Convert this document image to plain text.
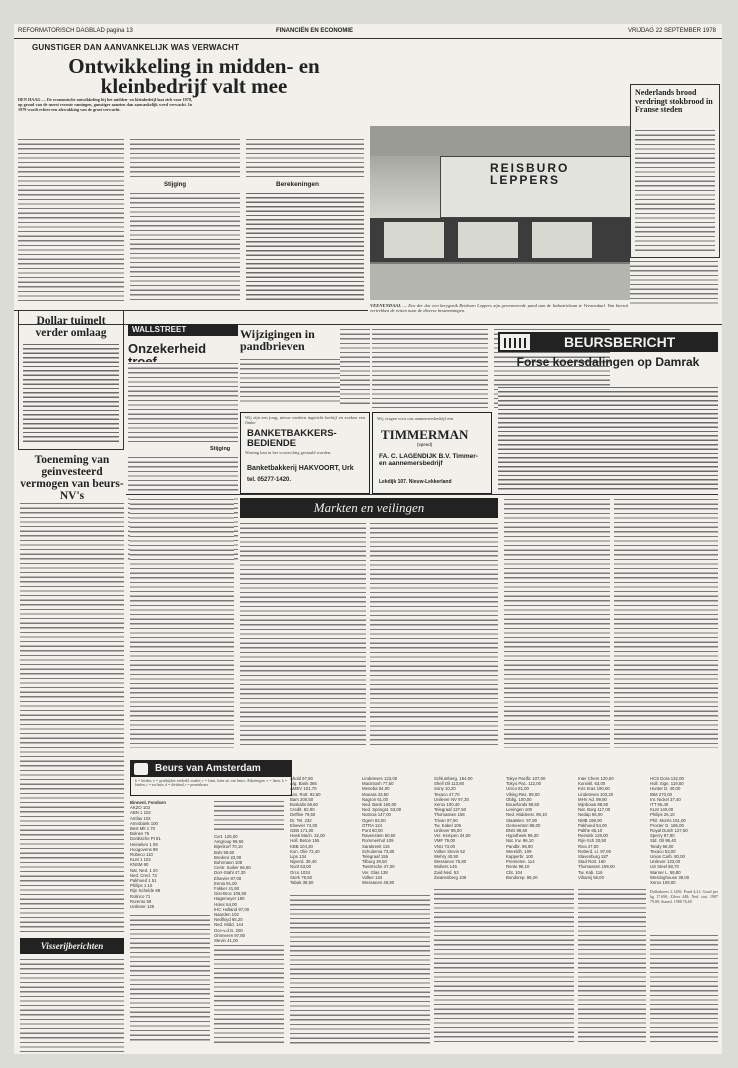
REFORMATORISCH DAGBLAD pagina 13	FINANCIËN EN ECONOMIE	VRIJDAG 22 SEPTEMBER 1978
GUNSTIGER DAN AANVANKELIJK WAS VERWACHT
Ontwikkeling in midden- en kleinbedrijf valt mee
DEN HAAG — De economische ontwikkeling bij het midden- en kleinbedrijf laat zich voor 1978, op grond van de meest recente ramingen, gunstiger aanzien dan aanvankelijk werd verwacht. In 1979 wordt echter een afzwakking van de groei verwacht.
Stijging	Berekeningen
REISBURO LEPPERS
VEENENDAAL — Een der dor een kerygasik Reisburo Leppers zijn gerenoveerde pand aan de Industrielaan te Veenendaal. Van hieruit vertrekken de reizen naar de diverse bestemmingen.
Nederlands brood verdringt stokbrood in Franse steden
Dollar tuimelt verder omlaag
Toeneming van geinvesteerd vermogen van beurs-NV's
Visserijberichten
WALLSTREET
Onzekerheid
Stijging
Wijzigingen in pandbrieven
Wij zijn een jong, nieuw modern ingericht bedrijf en zoeken een flinke
BANKETBAKKERS-BEDIENDE
Woning kan in het voorzichtig gestaald worden.
Banketbakkerij HAKVOORT, Urk
tel. 05277-1420.
Wij vragen voor ons aannemersbedrijf een
TIMMERMAN
(speed)
FA. C. LAGENDIJK B.V. Timmer- en aannemersbedrijf
Lekdijk 107. Nieuw-Lekkerland
BEURSBERICHT
Forse koersdalingen op Damrak
Markten en veilingen
Beurs van Amsterdam
b = bieden; e = gerektijden verdeeld zonder; r = laten, laten uit van beurs; Afkortingen: e = laten, b = bieden, c = exclusie, d = dividend, r = premiekoers
Binnenl. Fondsen
AKZO 103
ABN 1 102
Amfas 103
Amrobank 100
Best Mlt 1 70
Bolnes 76
Dordtsche Pt 81
Heineken 1 08
Hoogovens 98
Robeco 110
KLM 1 102
KNSM 80
Nat. Ned. 1 20
Ned. Cred. 73
Pakhoed 1 51
Philips 1 10
Rijn Schelde 88
Rolinco 71
Rorento 59
Unilever 125
Cert. 125,00
Amgroup 99,60
Bijenkorf 70,10
Bols 98,50
Bredero 22,00
Buhrmann 108
Centr. Suiker 66,60
Dorr-Stahl 47,30
Elsevier 87,00
Ennia 91,00
Fokker 41,90
Gist-Broc 106,50
Hagemeyer 190
Holec 64,00
IHC Holland 97,00
Naarden 102
Nedlloyd 65,20
Ned. Midd. 144
Oce-v.d.G. 200
Ommeren 97,80
Stevin 41,00
Ahold 97,80
Alg. Bank 366
AMEV 101,70
Ass. Rott. 92,60
Bam 200,50
Boskalis 66,60
Credlt. 82,90
Delftse 79,50
Dr. Tel. 232
Elsevier 74,00
GEB 171,00
Hoek Mach. 32,00
Holl. Beton 155
KBB 104,30
Kon. Olie 72,40
Lips 134
Nijverd. 39,40
Norit 53,00
Orco 1034
Stork 79,50
Tabak 38,50
Lindeteves 123,00
Macintosh 77,60
Meneba 84,00
Moeara 43,50
Nagron 61,00
Ned. Bank 150,00
Ned. Springst. 53,00
Nutricia 147,00
Ogem 83,00
OTRA 124
Pont 60,00
Ravenstein 50,50
Rommenhol 109
Sarakreek 115
Schuitema 73,80
Telegraaf 155
Tilburg 39,50
Twentsche 47,00
Ver. Glas 138
Volker 134
Wessanen 48,80
Schlumberg. 154,00
Shell Oil 113,80
Sony 10,20
Texaco 47,70
Unilever NV 97,30
Xerox 100,40
Telegraaf 137,50
Thomassen 156
Trivan 97,50
Tw. Kabel 106
Unilever 95,00
Ver. Kempen 34,00
VMF 79,00
VNU 73,00
Volker Stevin 52
Wehry 40,50
Wessanen 75,80
Wolters 145
Zuid Ned. 53
Zwanenberg 105
Tokyo Pacific 107,00
Tokyo Pac. 112,00
Unico 81,00
Viking Res. 99,00
Oblig. 100,00
Bouwfonds 98,50
Leningen 100
Ned. Middenst. 99,10
Staatslen. 97,80
Gemeenten 98,00
BNG 98,60
Hypotheek 99,30
Nat. Inv. 96,10
Pandbr. 95,80
Wereldh. 109
Kapperbr. 100
Premielen. 114
Rente 98,10
Cbt. 104
Bondsrep. 99,20
Inter Chem 120,00
Koninkl. 63,00
Kris Kras 190,00
Lindeteves 103,20
MHV Ad. 99,80
Mijnbouw 88,50
Nat. Borg 117,00
Nedap 66,00
NMB 198,00
Pakhoed 54,00
Palthe 65,10
Reesink 128,00
Rijn-Sch 30,50
Riva 47,00
Rotterd. Ll. 97,00
Slavenburg 187
Stad Rott. 160
Thomassen 199,00
Tw. Kab. 116
Vihamij 56,00
HCS Dora 132,00
Holl. Sign. 119,50
Hunter D. 40,00
IBM 270,00
Int. Nickel 37,40
ITT 65,40
KLM 140,00
Philips 26,10
Phil. Morris 151,00
Procter G. 186,00
Royal Dutch 127,50
Sperry 87,80
Std. Oil 95,40
Tandy 66,00
Texaco 53,00
Union Carb. 80,00
Unilever 133,00
US Steel 58,70
Warner L. 58,80
Westinghouse 39,00
Xerox 108,00
Dollarkoers 2,1450; Pond 4,21; Goud per kg 17.690; Zilver 448; Ned. stat. 1987 79,80; Staatsl. 1988 76,60
